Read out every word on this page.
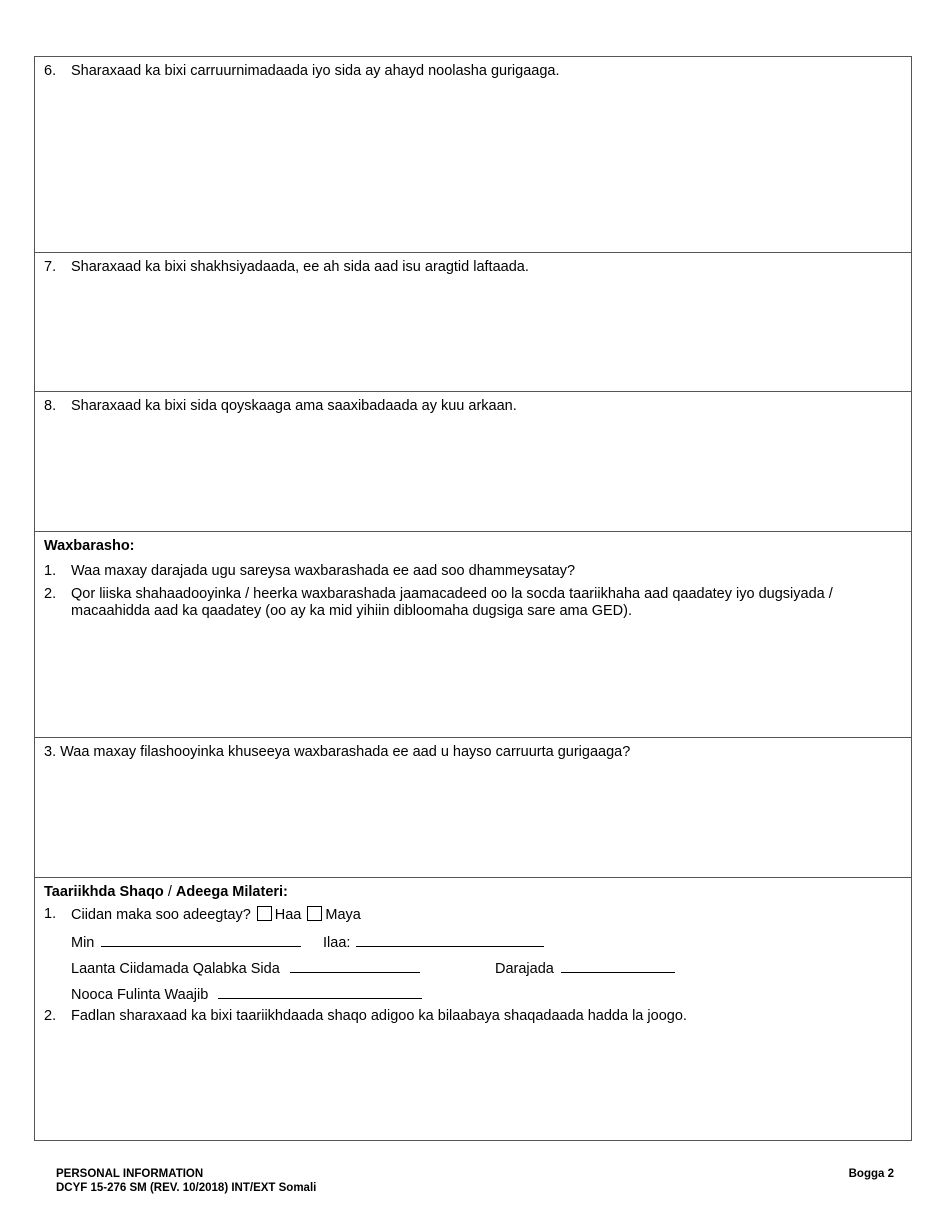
6. Sharaxaad ka bixi carruurnimadaada iyo sida ay ahayd noolasha gurigaaga.
7. Sharaxaad ka bixi shakhsiyadaada, ee ah sida aad isu aragtid laftaada.
8. Sharaxaad ka bixi sida qoyskaaga ama saaxibadaada ay kuu arkaan.
Waxbarasho:
1. Waa maxay darajada ugu sareysa waxbarashada ee aad soo dhammeysatay?
2. Qor liiska shahaadooyinka / heerka waxbarashada jaamacadeed oo la socda taariikhaha aad qaadatey iyo dugsiyada / macaahidda aad ka qaadatey (oo ay ka mid yihiin dibloomaha dugsiga sare ama GED).
3. Waa maxay filashooyinka khuseeya waxbarashada ee aad u hayso carruurta gurigaaga?
Taariikhda Shaqo / Adeega Milateri:
1. Ciidan maka soo adeegtay? Haa Maya
Min	Ilaa:
Laanta Ciidamada Qalabka Sida	Darajada
Nooca Fulinta Waajib
2. Fadlan sharaxaad ka bixi taariikhdaada shaqo adigoo ka bilaabaya shaqadaada hadda la joogo.
PERSONAL INFORMATION
DCYF 15-276 SM (REV. 10/2018) INT/EXT Somali
Bogga 2
